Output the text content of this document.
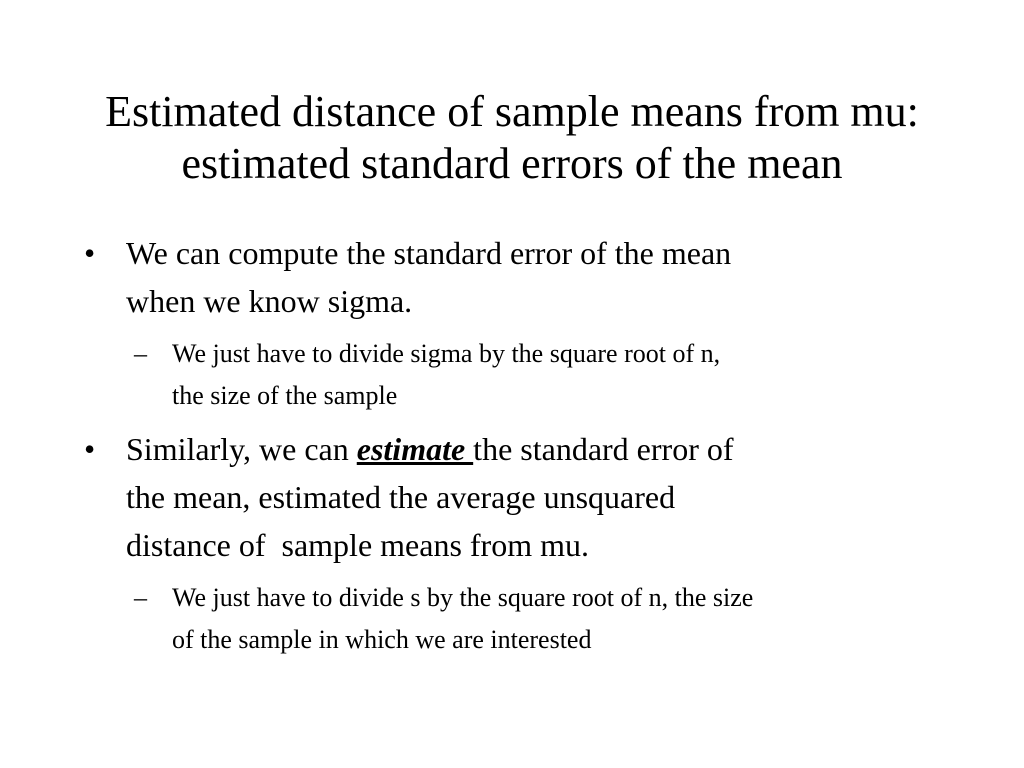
Estimated distance of sample means from mu:
estimated standard errors of the mean
• We can compute the standard error of the mean
when we know sigma.
– We just have to divide sigma by the square root of n,
the size of the sample
• Similarly, we can estimate the standard error of
the mean, estimated the average unsquared
distance of  sample means from mu.
– We just have to divide s by the square root of n, the size
of the sample in which we are interested
